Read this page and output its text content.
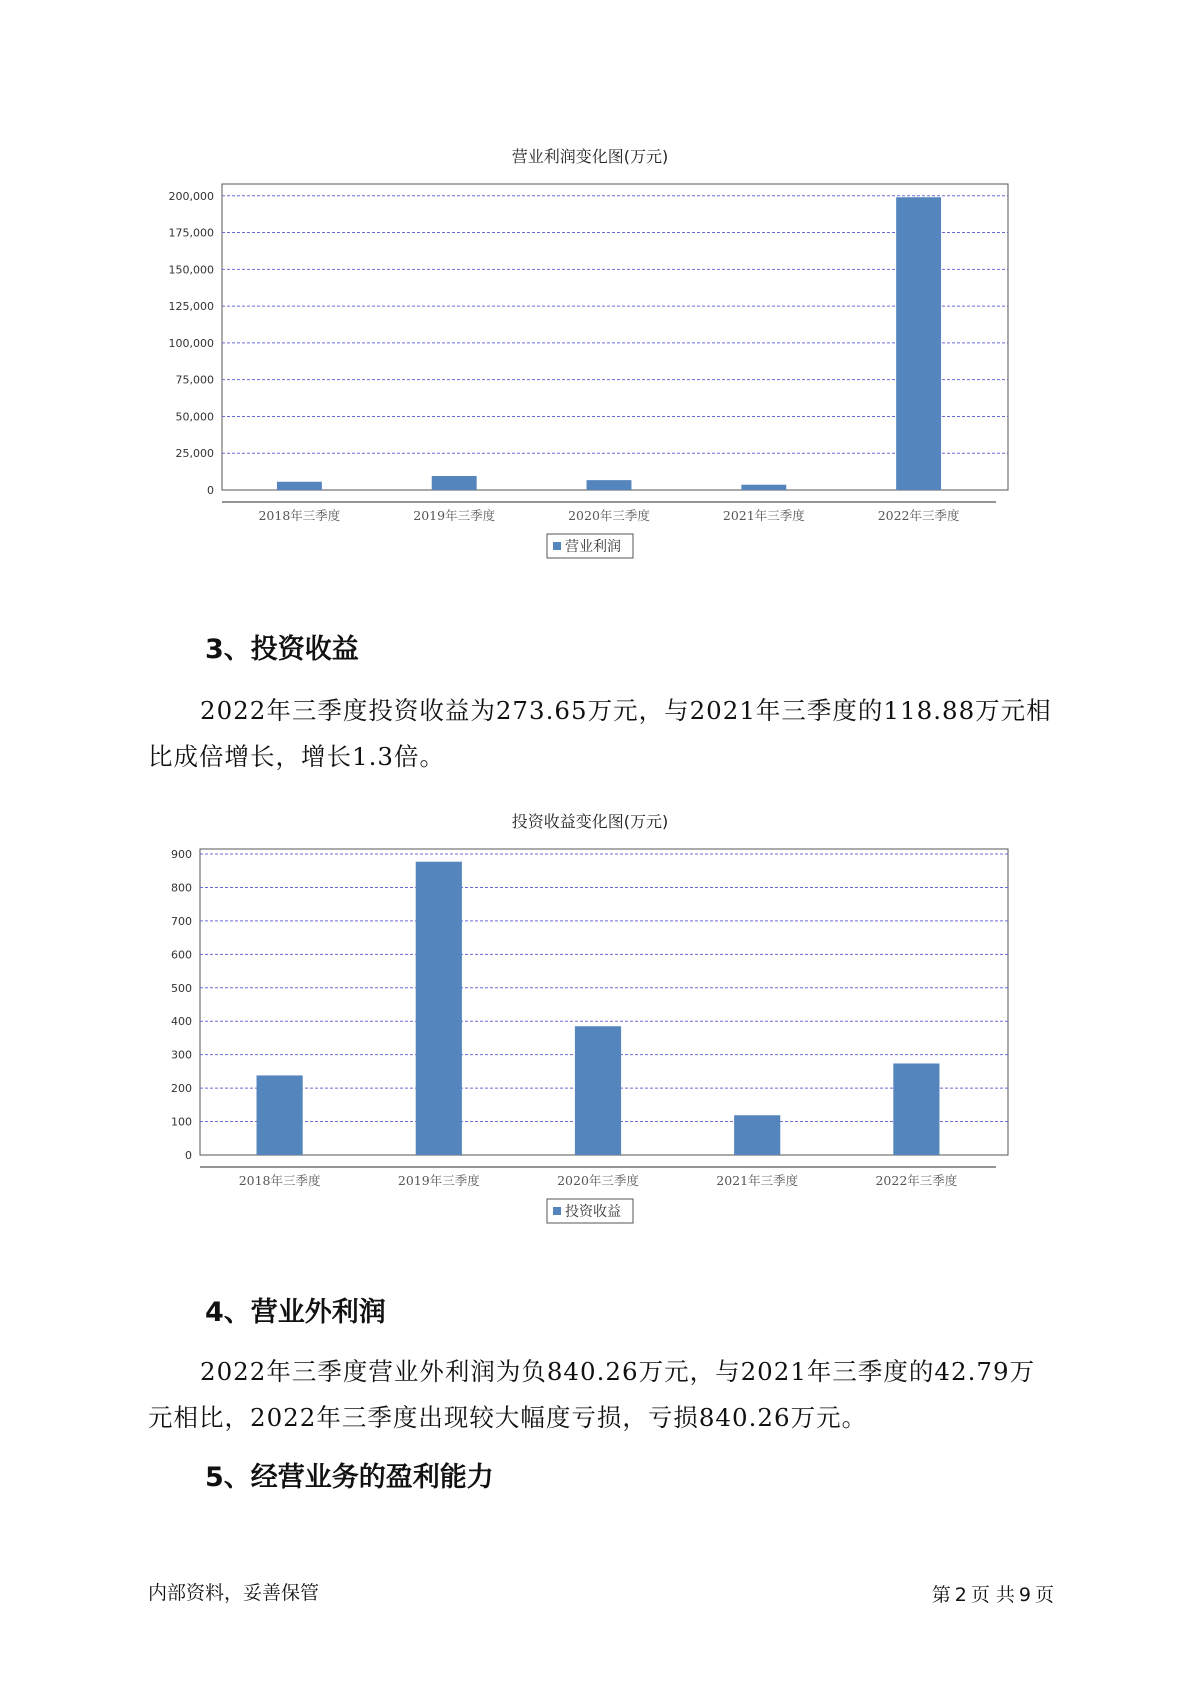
营业利润变化图(万元)
0
25,000
50,000
75,000
100,000
125,000
150,000
175,000
200,000
2018年三季度	2019年三季度	2020年三季度	2021年三季度	2022年三季度
营业利润
3、投资收益

2022年三季度投资收益为273.65万元，与2021年三季度的118.88万元相比成倍增长，增长1.3倍。

投资收益变化图(万元)
0
100
200
300
400
500
600
700
800
900
2018年三季度	2019年三季度	2020年三季度	2021年三季度	2022年三季度
投资收益
4、营业外利润

2022年三季度营业外利润为负840.26万元，与2021年三季度的42.79万元相比，2022年三季度出现较大幅度亏损，亏损840.26万元。

5、经营业务的盈利能力
内部资料，妥善保管	第 2 页 共 9 页
